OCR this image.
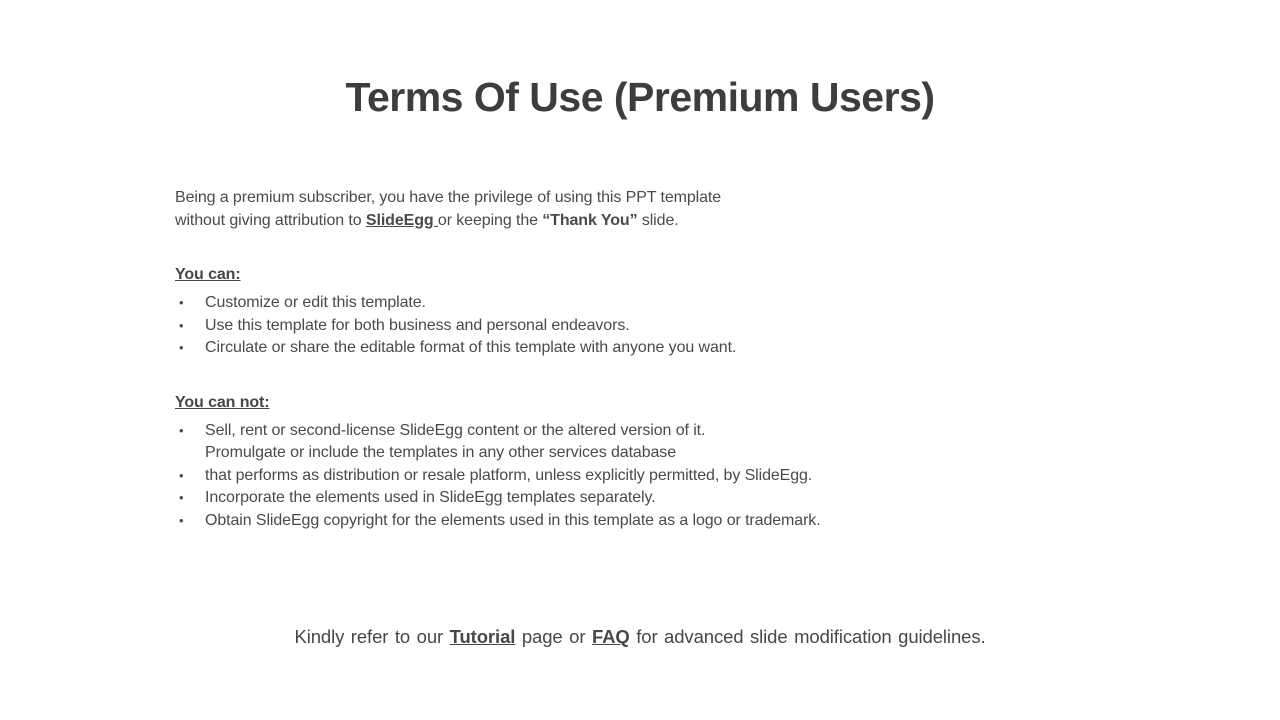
Terms Of Use (Premium Users)

Being a premium subscriber, you have the privilege of using this PPT template
without giving attribution to SlideEgg or keeping the “Thank You” slide.

You can:
• Customize or edit this template.
• Use this template for both business and personal endeavors.
• Circulate or share the editable format of this template with anyone you want.
You can not:
• Sell, rent or second-license SlideEgg content or the altered version of it.
Promulgate or include the templates in any other services database
• that performs as distribution or resale platform, unless explicitly permitted, by SlideEgg.
• Incorporate the elements used in SlideEgg templates separately.
• Obtain SlideEgg copyright for the elements used in this template as a logo or trademark.

Kindly refer to our Tutorial page or FAQ for advanced slide modification guidelines.
